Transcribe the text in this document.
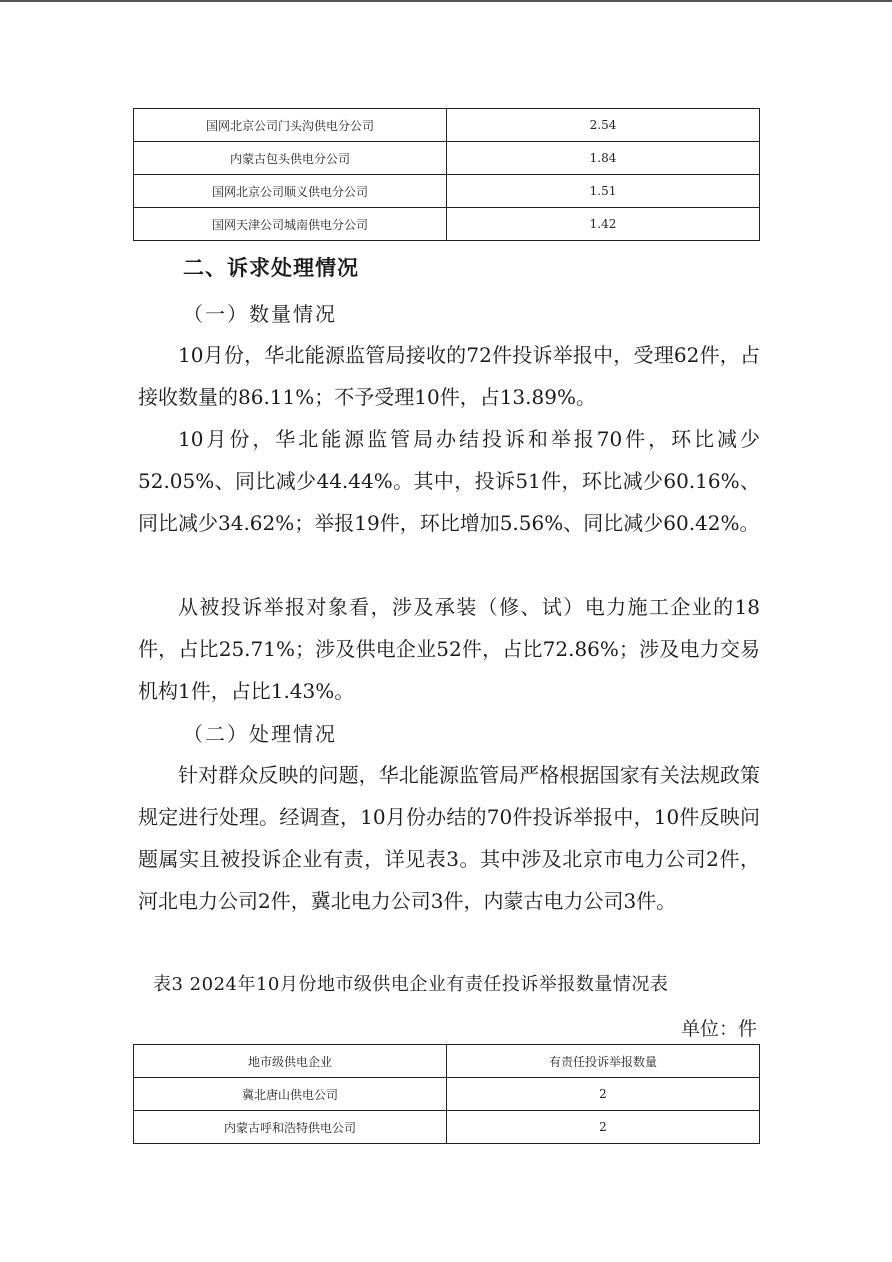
国网北京公司门头沟供电分公司	2.54
内蒙古包头供电分公司	1.84
国网北京公司顺义供电分公司	1.51
国网天津公司城南供电分公司	1.42
二、诉求处理情况
（一）数量情况

10月份，华北能源监管局接收的72件投诉举报中，受理62件，占接收数量的86.11%；不予受理10件，占13.89%。

10月份，华北能源监管局办结投诉和举报70件，环比减少52.05%、同比减少44.44%。其中，投诉51件，环比减少60.16%、同比减少34.62%；举报19件，环比增加5.56%、同比减少60.42%。

从被投诉举报对象看，涉及承装（修、试）电力施工企业的18件，占比25.71%；涉及供电企业52件，占比72.86%；涉及电力交易机构1件，占比1.43%。

（二）处理情况

针对群众反映的问题，华北能源监管局严格根据国家有关法规政策规定进行处理。经调查，10月份办结的70件投诉举报中，10件反映问题属实且被投诉企业有责，详见表3。其中涉及北京市电力公司2件，河北电力公司2件，冀北电力公司3件，内蒙古电力公司3件。

表3 2024年10月份地市级供电企业有责任投诉举报数量情况表
单位：件
地市级供电企业	有责任投诉举报数量
冀北唐山供电公司	2
内蒙古呼和浩特供电公司	2
